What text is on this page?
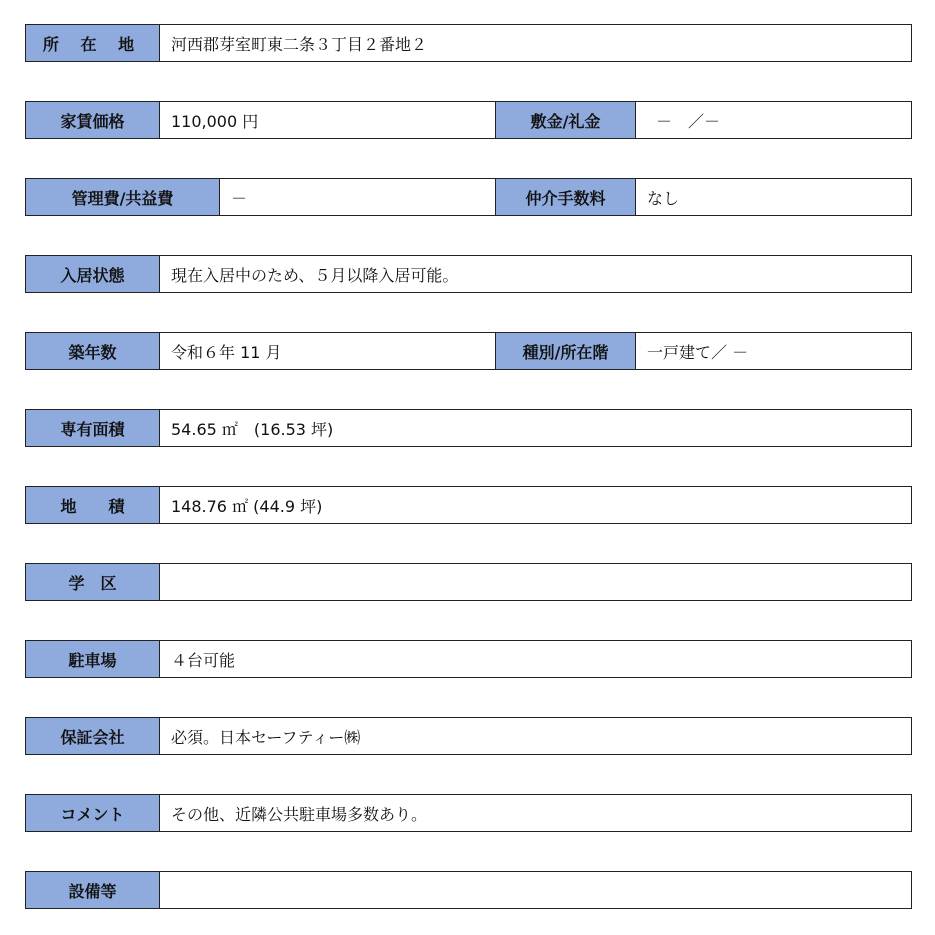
所 在 地	河西郡芽室町東二条３丁目２番地２
家賃価格	110,000 円	敷金/礼金	－　／－
管理費/共益費	－	仲介手数料	なし
入居状態	現在入居中のため、５月以降入居可能。
築年数	令和６年 11 月	種別/所在階	一戸建て／ －
専有面積	54.65 ㎡　(16.53 坪)
地　　積	148.76 ㎡ (44.9 坪)
学　区
駐車場	４台可能
保証会社	必須。日本セーフティー㈱
コメント	その他、近隣公共駐車場多数あり。
設備等
